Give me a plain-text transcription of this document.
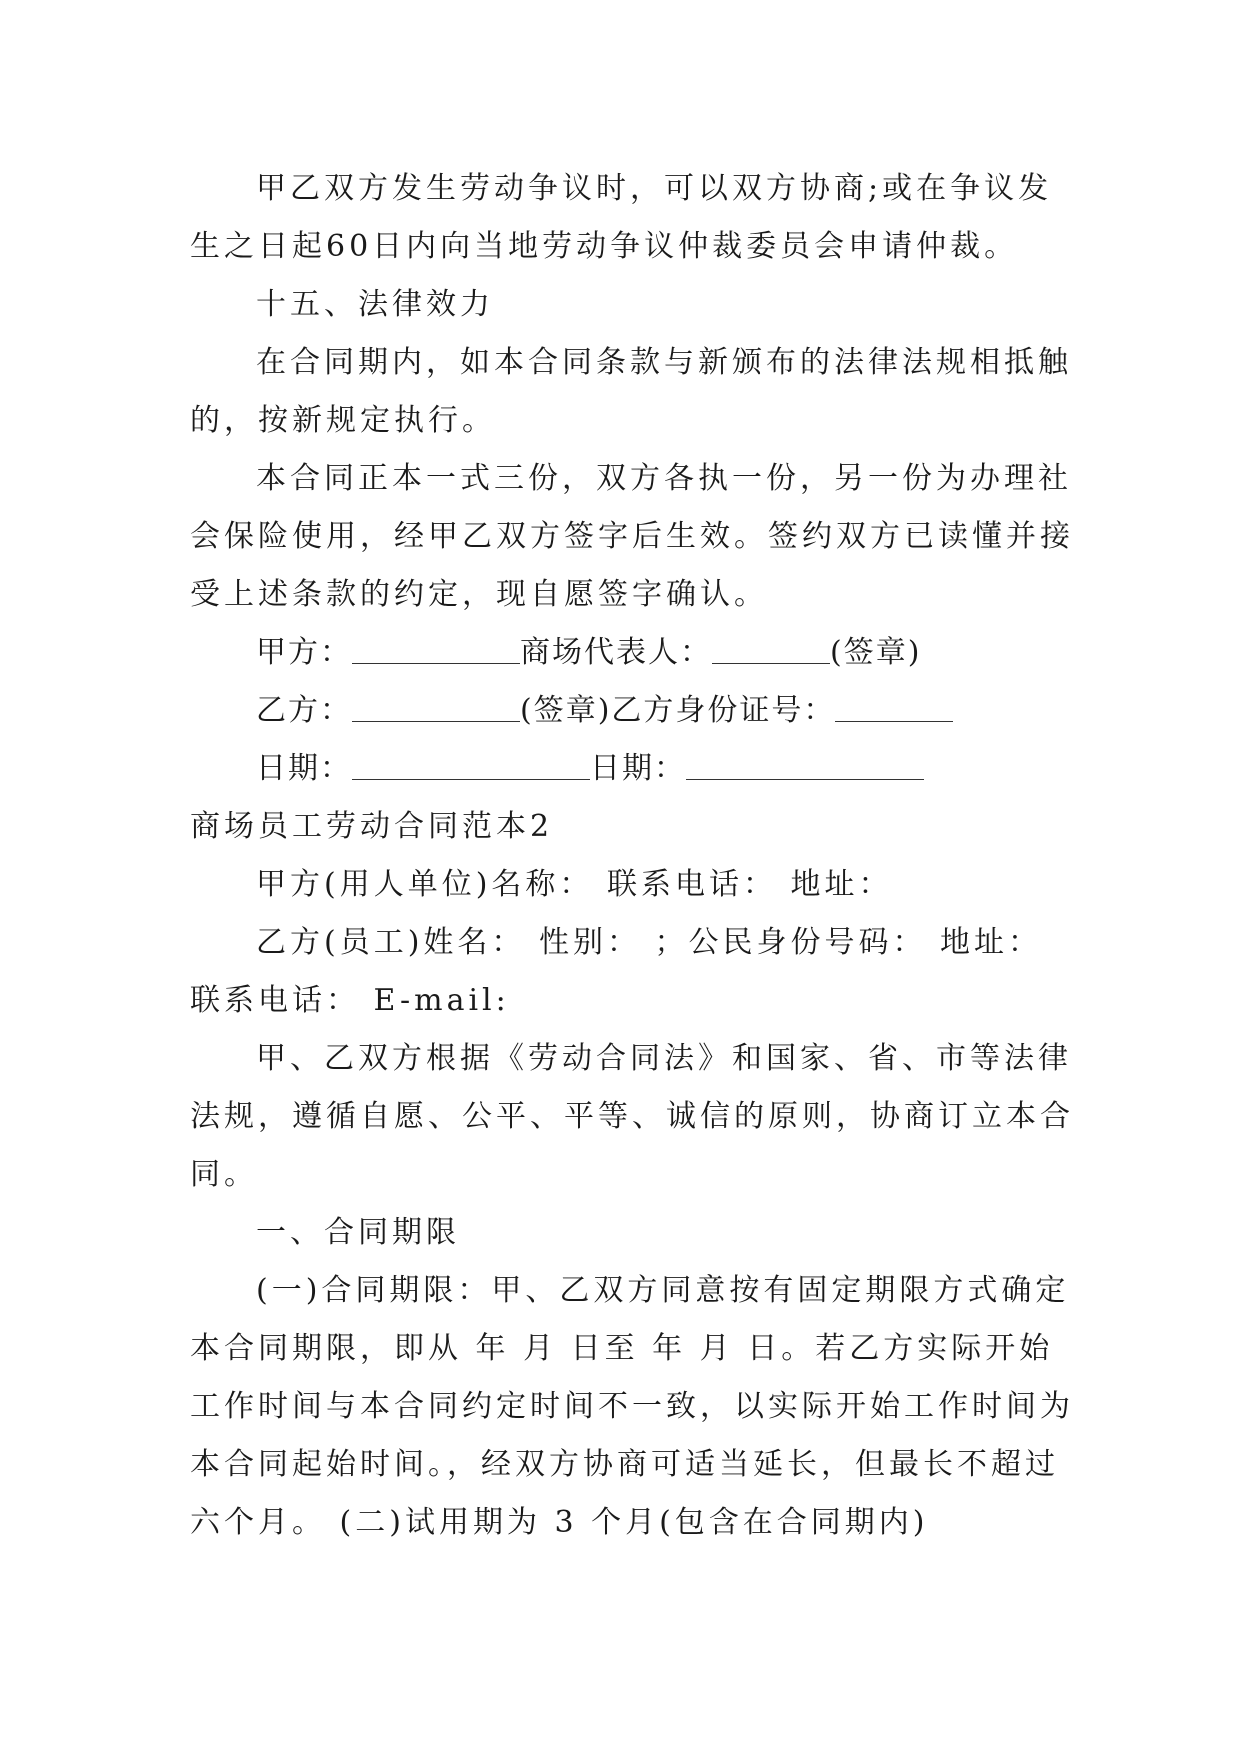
甲乙双方发生劳动争议时，可以双方协商;或在争议发
生之日起60日内向当地劳动争议仲裁委员会申请仲裁。
十五、法律效力
在合同期内，如本合同条款与新颁布的法律法规相抵触
的，按新规定执行。
本合同正本一式三份，双方各执一份，另一份为办理社
会保险使用，经甲乙双方签字后生效。签约双方已读懂并接
受上述条款的约定，现自愿签字确认。
甲方：	商场代表人：	(签章)
乙方：	(签章)乙方身份证号：
日期：	日期：
商场员工劳动合同范本2
甲方(用人单位)名称： 联系电话： 地址：
乙方(员工)姓名： 性别： ；公民身份号码： 地址：
联系电话： E-mail:
甲、乙双方根据《劳动合同法》和国家、省、市等法律
法规，遵循自愿、公平、平等、诚信的原则，协商订立本合
同。
一、合同期限
(一)合同期限：甲、乙双方同意按有固定期限方式确定
本合同期限，即从 年 月 日至 年 月 日。若乙方实际开始
工作时间与本合同约定时间不一致，以实际开始工作时间为
本合同起始时间。，经双方协商可适当延长，但最长不超过
六个月。 (二)试用期为 3 个月(包含在合同期内)
